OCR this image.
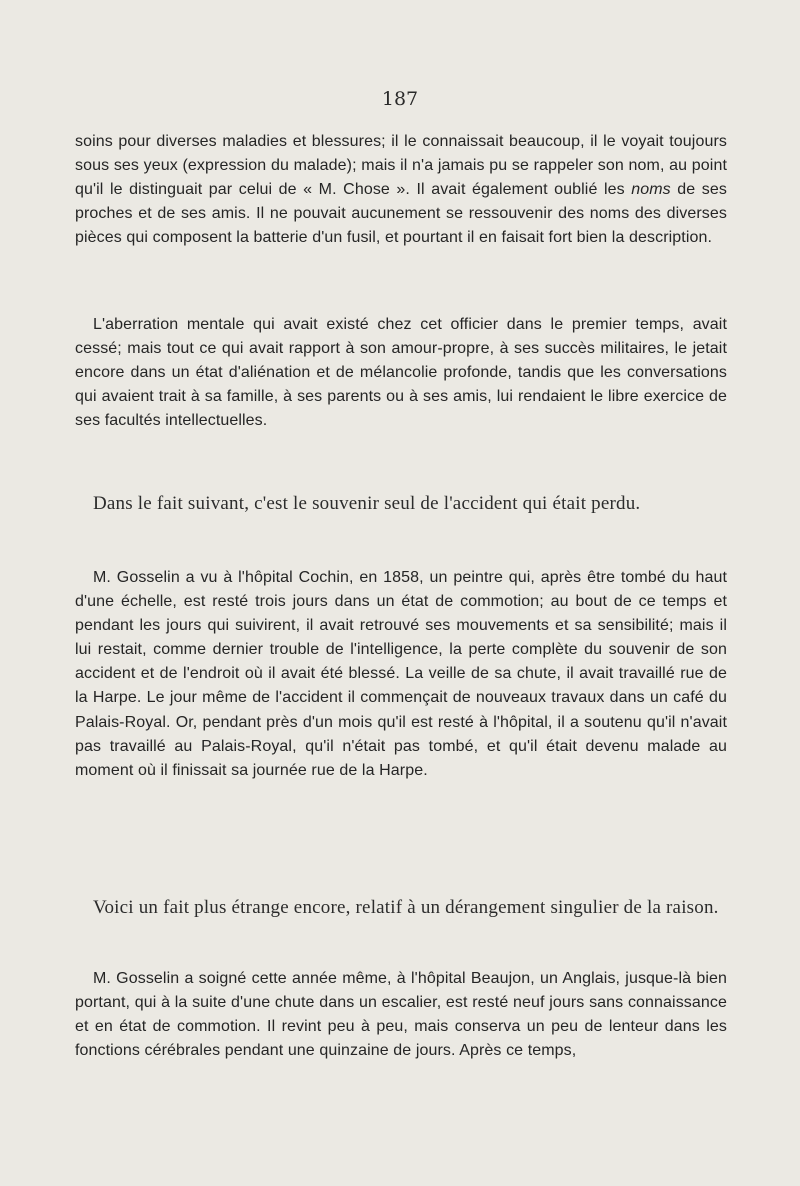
187

soins pour diverses maladies et blessures; il le connaissait beaucoup, il le voyait toujours sous ses yeux (expression du malade); mais il n'a jamais pu se rappeler son nom, au point qu'il le distinguait par celui de « M. Chose ». Il avait également oublié les noms de ses proches et de ses amis. Il ne pouvait aucunement se ressouvenir des noms des diverses pièces qui composent la batterie d'un fusil, et pourtant il en faisait fort bien la description.

L'aberration mentale qui avait existé chez cet officier dans le premier temps, avait cessé; mais tout ce qui avait rapport à son amour-propre, à ses succès militaires, le jetait encore dans un état d'aliénation et de mélancolie profonde, tandis que les conversations qui avaient trait à sa famille, à ses parents ou à ses amis, lui rendaient le libre exercice de ses facultés intellectuelles.

Dans le fait suivant, c'est le souvenir seul de l'accident qui était perdu.

M. Gosselin a vu à l'hôpital Cochin, en 1858, un peintre qui, après être tombé du haut d'une échelle, est resté trois jours dans un état de commotion; au bout de ce temps et pendant les jours qui suivirent, il avait retrouvé ses mouvements et sa sensibilité; mais il lui restait, comme dernier trouble de l'intelligence, la perte complète du souvenir de son accident et de l'endroit où il avait été blessé. La veille de sa chute, il avait travaillé rue de la Harpe. Le jour même de l'accident il commençait de nouveaux travaux dans un café du Palais-Royal. Or, pendant près d'un mois qu'il est resté à l'hôpital, il a soutenu qu'il n'avait pas travaillé au Palais-Royal, qu'il n'était pas tombé, et qu'il était devenu malade au moment où il finissait sa journée rue de la Harpe.

Voici un fait plus étrange encore, relatif à un dérangement singulier de la raison.

M. Gosselin a soigné cette année même, à l'hôpital Beaujon, un Anglais, jusque-là bien portant, qui à la suite d'une chute dans un escalier, est resté neuf jours sans connaissance et en état de commotion. Il revint peu à peu, mais conserva un peu de lenteur dans les fonctions cérébrales pendant une quinzaine de jours. Après ce temps,
